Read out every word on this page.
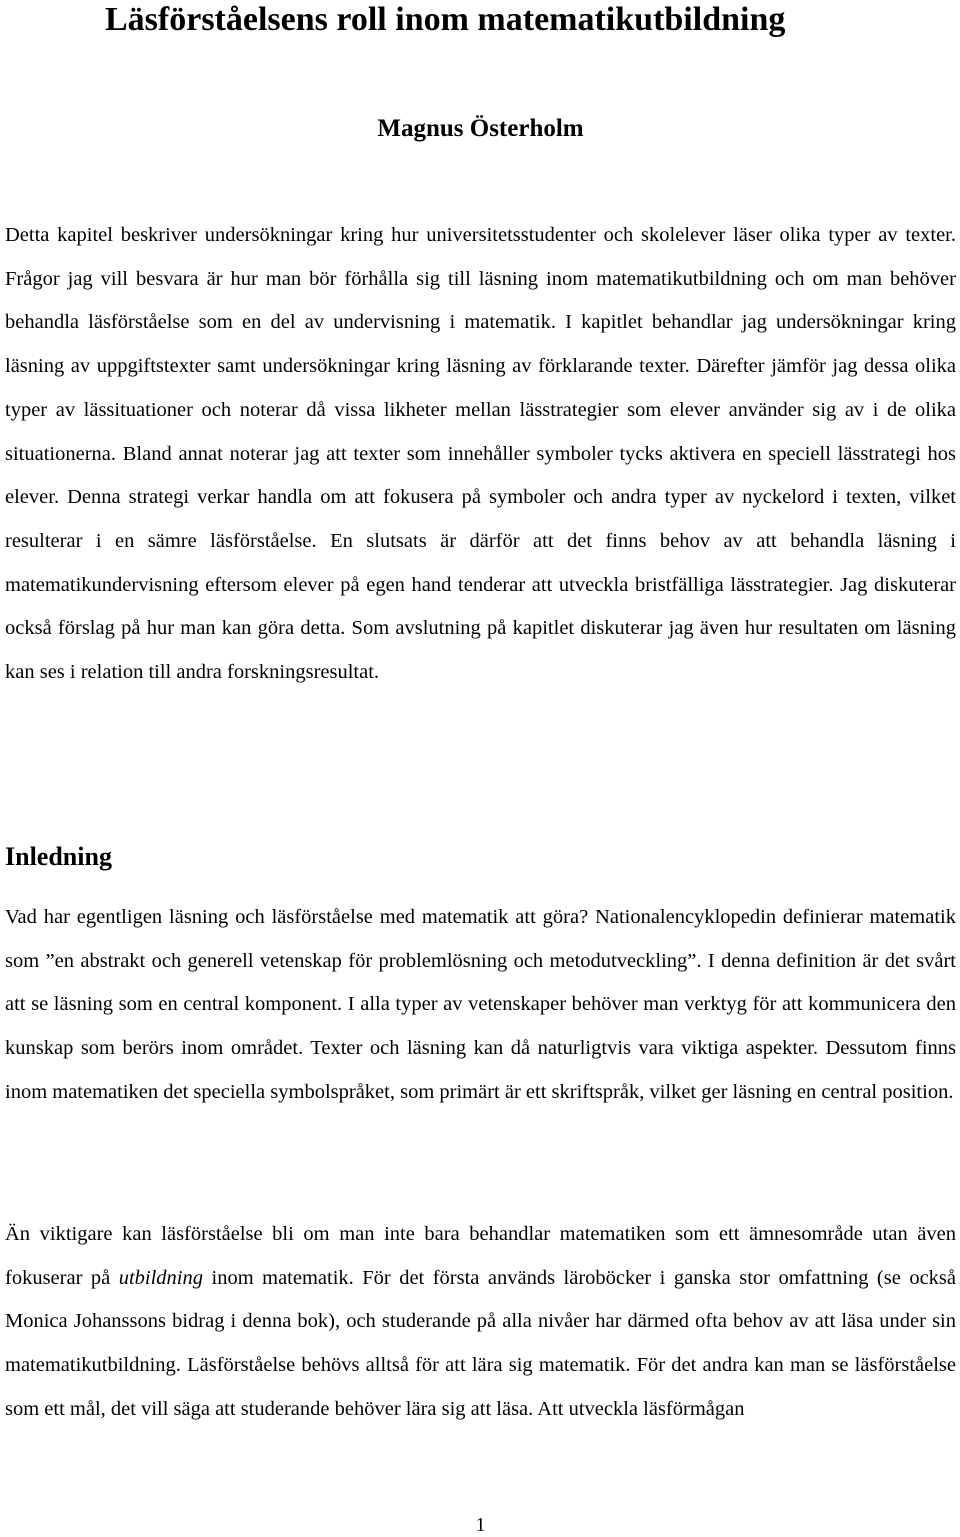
Läsförståelsens roll inom matematikutbildning
Magnus Österholm

Detta kapitel beskriver undersökningar kring hur universitetsstudenter och skolelever läser olika typer av texter. Frågor jag vill besvara är hur man bör förhålla sig till läsning inom matematikutbildning och om man behöver behandla läsförståelse som en del av undervisning i matematik. I kapitlet behandlar jag undersökningar kring läsning av uppgiftstexter samt undersökningar kring läsning av förklarande texter. Därefter jämför jag dessa olika typer av lässituationer och noterar då vissa likheter mellan lässtrategier som elever använder sig av i de olika situationerna. Bland annat noterar jag att texter som innehåller symboler tycks aktivera en speciell lässtrategi hos elever. Denna strategi verkar handla om att fokusera på symboler och andra typer av nyckelord i texten, vilket resulterar i en sämre läsförståelse. En slutsats är därför att det finns behov av att behandla läsning i matematikundervisning eftersom elever på egen hand tenderar att utveckla bristfälliga lässtrategier. Jag diskuterar också förslag på hur man kan göra detta. Som avslutning på kapitlet diskuterar jag även hur resultaten om läsning kan ses i relation till andra forskningsresultat.

Inledning

Vad har egentligen läsning och läsförståelse med matematik att göra? Nationalencyklopedin definierar matematik som ”en abstrakt och generell vetenskap för problemlösning och metodutveckling”. I denna definition är det svårt att se läsning som en central komponent. I alla typer av vetenskaper behöver man verktyg för att kommunicera den kunskap som berörs inom området. Texter och läsning kan då naturligtvis vara viktiga aspekter. Dessutom finns inom matematiken det speciella symbolspråket, som primärt är ett skriftspråk, vilket ger läsning en central position.

Än viktigare kan läsförståelse bli om man inte bara behandlar matematiken som ett ämnesområde utan även fokuserar på utbildning inom matematik. För det första används läroböcker i ganska stor omfattning (se också Monica Johanssons bidrag i denna bok), och studerande på alla nivåer har därmed ofta behov av att läsa under sin matematikutbildning. Läsförståelse behövs alltså för att lära sig matematik. För det andra kan man se läsförståelse som ett mål, det vill säga att studerande behöver lära sig att läsa. Att utveckla läsförmågan

1
